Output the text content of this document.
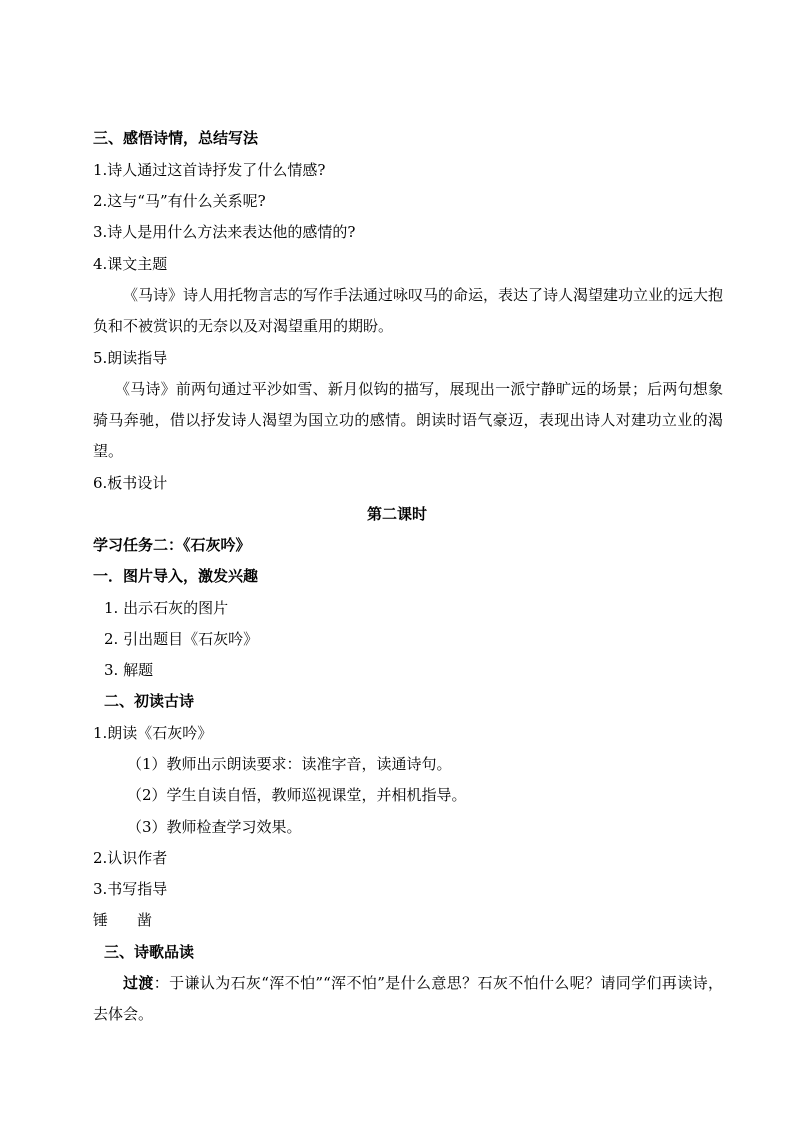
三、感悟诗情，总结写法
1.诗人通过这首诗抒发了什么情感?
2.这与“马”有什么关系呢?
3.诗人是用什么方法来表达他的感情的?
4.课文主题
《马诗》诗人用托物言志的写作手法通过咏叹马的命运，表达了诗人渴望建功立业的远大抱负和不被赏识的无奈以及对渴望重用的期盼。
5.朗读指导
《马诗》前两句通过平沙如雪、新月似钩的描写，展现出一派宁静旷远的场景；后两句想象骑马奔驰，借以抒发诗人渴望为国立功的感情。朗读时语气豪迈，表现出诗人对建功立业的渴望。
6.板书设计
第二课时
学习任务二：《石灰吟》
一．图片导入，激发兴趣
1. 出示石灰的图片
2. 引出题目《石灰吟》
3. 解题
二、初读古诗
1.朗读《石灰吟》
（1）教师出示朗读要求：读准字音，读通诗句。
（2）学生自读自悟，教师巡视课堂，并相机指导。
（3）教师检查学习效果。
2.认识作者
3.书写指导
锤 凿
三、诗歌品读
过渡：于谦认为石灰“浑不怕”“浑不怕”是什么意思？石灰不怕什么呢？请同学们再读诗，去体会。
